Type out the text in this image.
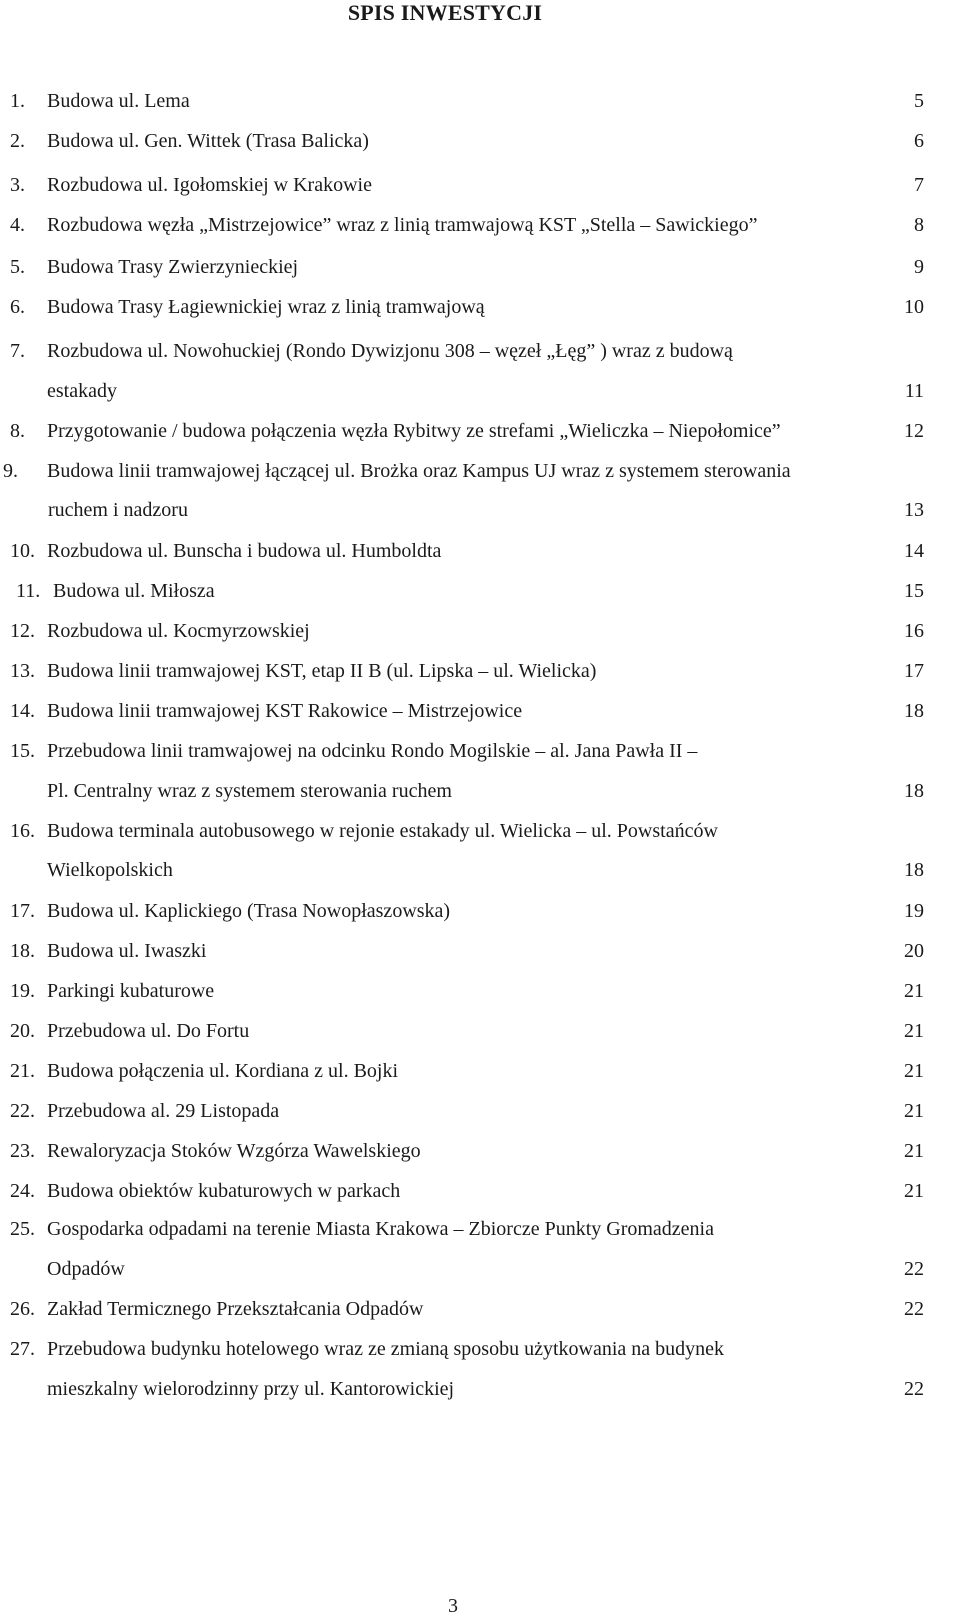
SPIS INWESTYCJI
1. Budowa ul. Lema	5
2. Budowa ul. Gen. Wittek (Trasa Balicka)	6
3. Rozbudowa ul. Igołomskiej w Krakowie	7
4. Rozbudowa węzła „Mistrzejowice” wraz z linią tramwajową KST „Stella – Sawickiego”	8
5. Budowa Trasy Zwierzynieckiej	9
6. Budowa Trasy Łagiewnickiej wraz z linią tramwajową	10
7. Rozbudowa ul. Nowohuckiej (Rondo Dywizjonu 308 – węzeł „Łęg” ) wraz z budową
estakady	11
8. Przygotowanie / budowa połączenia węzła Rybitwy ze strefami „Wieliczka – Niepołomice”	12
9. Budowa linii tramwajowej łączącej ul. Brożka oraz Kampus UJ wraz z systemem sterowania
ruchem i nadzoru	13
10. Rozbudowa ul. Bunscha i budowa ul. Humboldta	14
11. Budowa ul. Miłosza	15
12. Rozbudowa ul. Kocmyrzowskiej	16
13. Budowa linii tramwajowej KST, etap II B (ul. Lipska – ul. Wielicka)	17
14. Budowa linii tramwajowej KST Rakowice – Mistrzejowice	18
15. Przebudowa linii tramwajowej na odcinku Rondo Mogilskie – al. Jana Pawła II –
Pl. Centralny wraz z systemem sterowania ruchem	18
16. Budowa terminala autobusowego w rejonie estakady ul. Wielicka – ul. Powstańców
Wielkopolskich	18
17. Budowa ul. Kaplickiego (Trasa Nowopłaszowska)	19
18. Budowa ul. Iwaszki	20
19. Parkingi kubaturowe	21
20. Przebudowa ul. Do Fortu	21
21. Budowa połączenia ul. Kordiana z ul. Bojki	21
22. Przebudowa al. 29 Listopada	21
23. Rewaloryzacja Stoków Wzgórza Wawelskiego	21
24. Budowa obiektów kubaturowych w parkach	21
25. Gospodarka odpadami na terenie Miasta Krakowa – Zbiorcze Punkty Gromadzenia
Odpadów	22
26. Zakład Termicznego Przekształcania Odpadów	22
27. Przebudowa budynku hotelowego wraz ze zmianą sposobu użytkowania na budynek
mieszkalny wielorodzinny przy ul. Kantorowickiej	22
3
